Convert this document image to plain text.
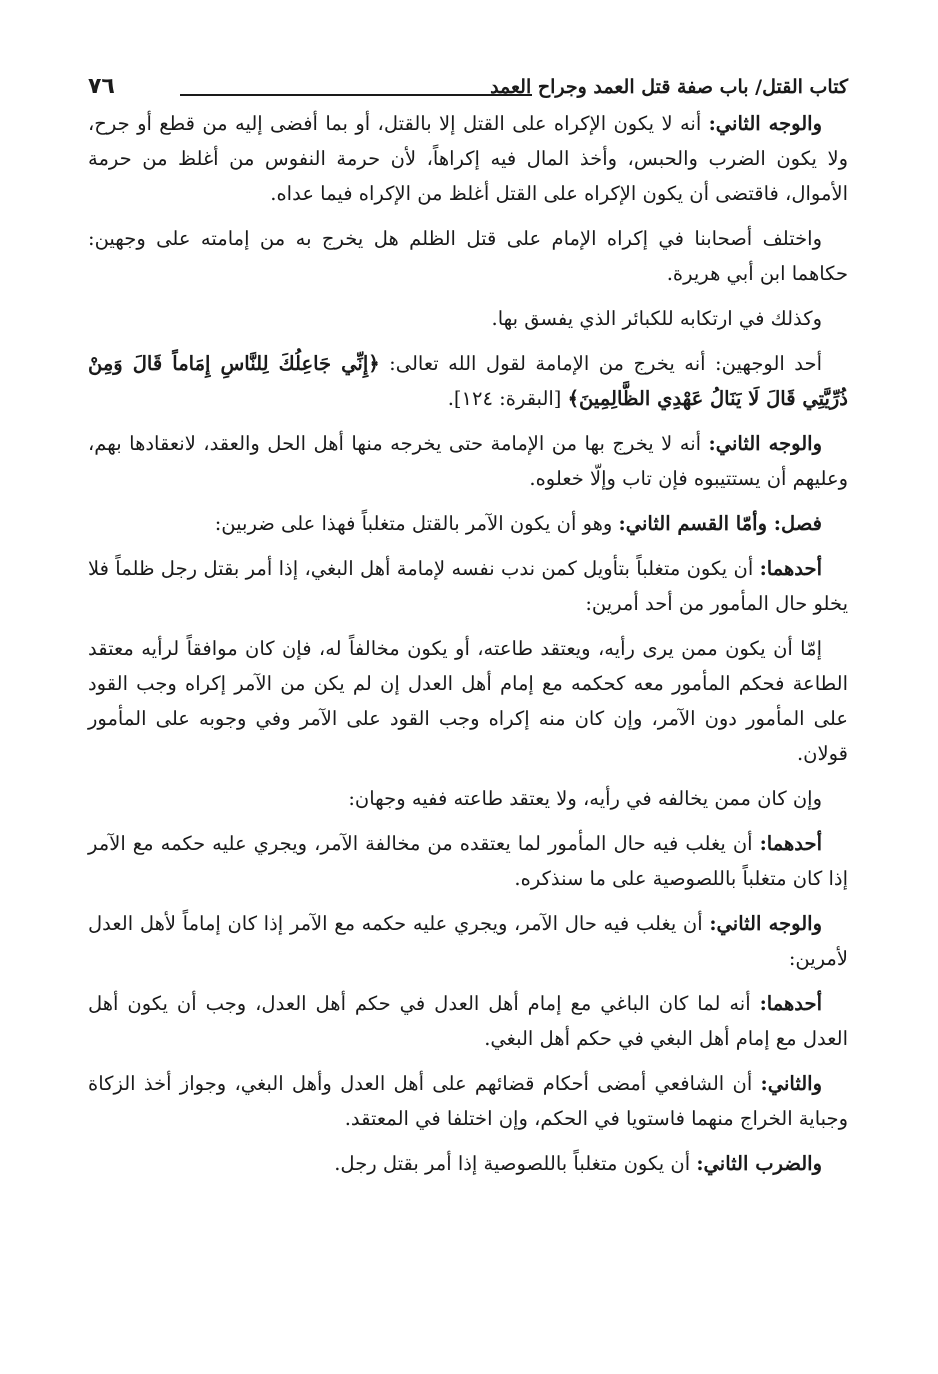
٧٦	كتاب القتل/ باب صفة قتل العمد وجراح العمد

والوجه الثاني: أنه لا يكون الإكراه على القتل إلا بالقتل، أو بما أفضى إليه من قطع أو جرح، ولا يكون الضرب والحبس، وأخذ المال فيه إكراهاً، لأن حرمة النفوس من أغلظ من حرمة الأموال، فاقتضى أن يكون الإكراه على القتل أغلظ من الإكراه فيما عداه.

واختلف أصحابنا في إكراه الإمام على قتل الظلم هل يخرج به من إمامته على وجهين: حكاهما ابن أبي هريرة.

وكذلك في ارتكابه للكبائر الذي يفسق بها.

أحد الوجهين: أنه يخرج من الإمامة لقول الله تعالى: ﴿إِنِّي جَاعِلُكَ لِلنَّاسِ إِمَاماً قَالَ وَمِنْ ذُرِّيَّتِي قَالَ لَا يَنَالُ عَهْدِي الظَّالِمِينَ﴾ [البقرة: ١٢٤].

والوجه الثاني: أنه لا يخرج بها من الإمامة حتى يخرجه منها أهل الحل والعقد، لانعقادها بهم، وعليهم أن يستتيبوه فإن تاب وإلّا خعلوه.

فصل: وأمّا القسم الثاني: وهو أن يكون الآمر بالقتل متغلباً فهذا على ضربين:

أحدهما: أن يكون متغلباً بتأويل كمن ندب نفسه لإمامة أهل البغي، إذا أمر بقتل رجل ظلماً فلا يخلو حال المأمور من أحد أمرين:

إمّا أن يكون ممن يرى رأيه، ويعتقد طاعته، أو يكون مخالفاً له، فإن كان موافقاً لرأيه معتقد الطاعة فحكم المأمور معه كحكمه مع إمام أهل العدل إن لم يكن من الآمر إكراه وجب القود على المأمور دون الآمر، وإن كان منه إكراه وجب القود على الآمر وفي وجوبه على المأمور قولان.

وإن كان ممن يخالفه في رأيه، ولا يعتقد طاعته ففيه وجهان:

أحدهما: أن يغلب فيه حال المأمور لما يعتقده من مخالفة الآمر، ويجري عليه حكمه مع الآمر إذا كان متغلباً باللصوصية على ما سنذكره.

والوجه الثاني: أن يغلب فيه حال الآمر، ويجري عليه حكمه مع الآمر إذا كان إماماً لأهل العدل لأمرين:

أحدهما: أنه لما كان الباغي مع إمام أهل العدل في حكم أهل العدل، وجب أن يكون أهل العدل مع إمام أهل البغي في حكم أهل البغي.

والثاني: أن الشافعي أمضى أحكام قضائهم على أهل العدل وأهل البغي، وجواز أخذ الزكاة وجباية الخراج منهما فاستويا في الحكم، وإن اختلفا في المعتقد.

والضرب الثاني: أن يكون متغلباً باللصوصية إذا أمر بقتل رجل.
